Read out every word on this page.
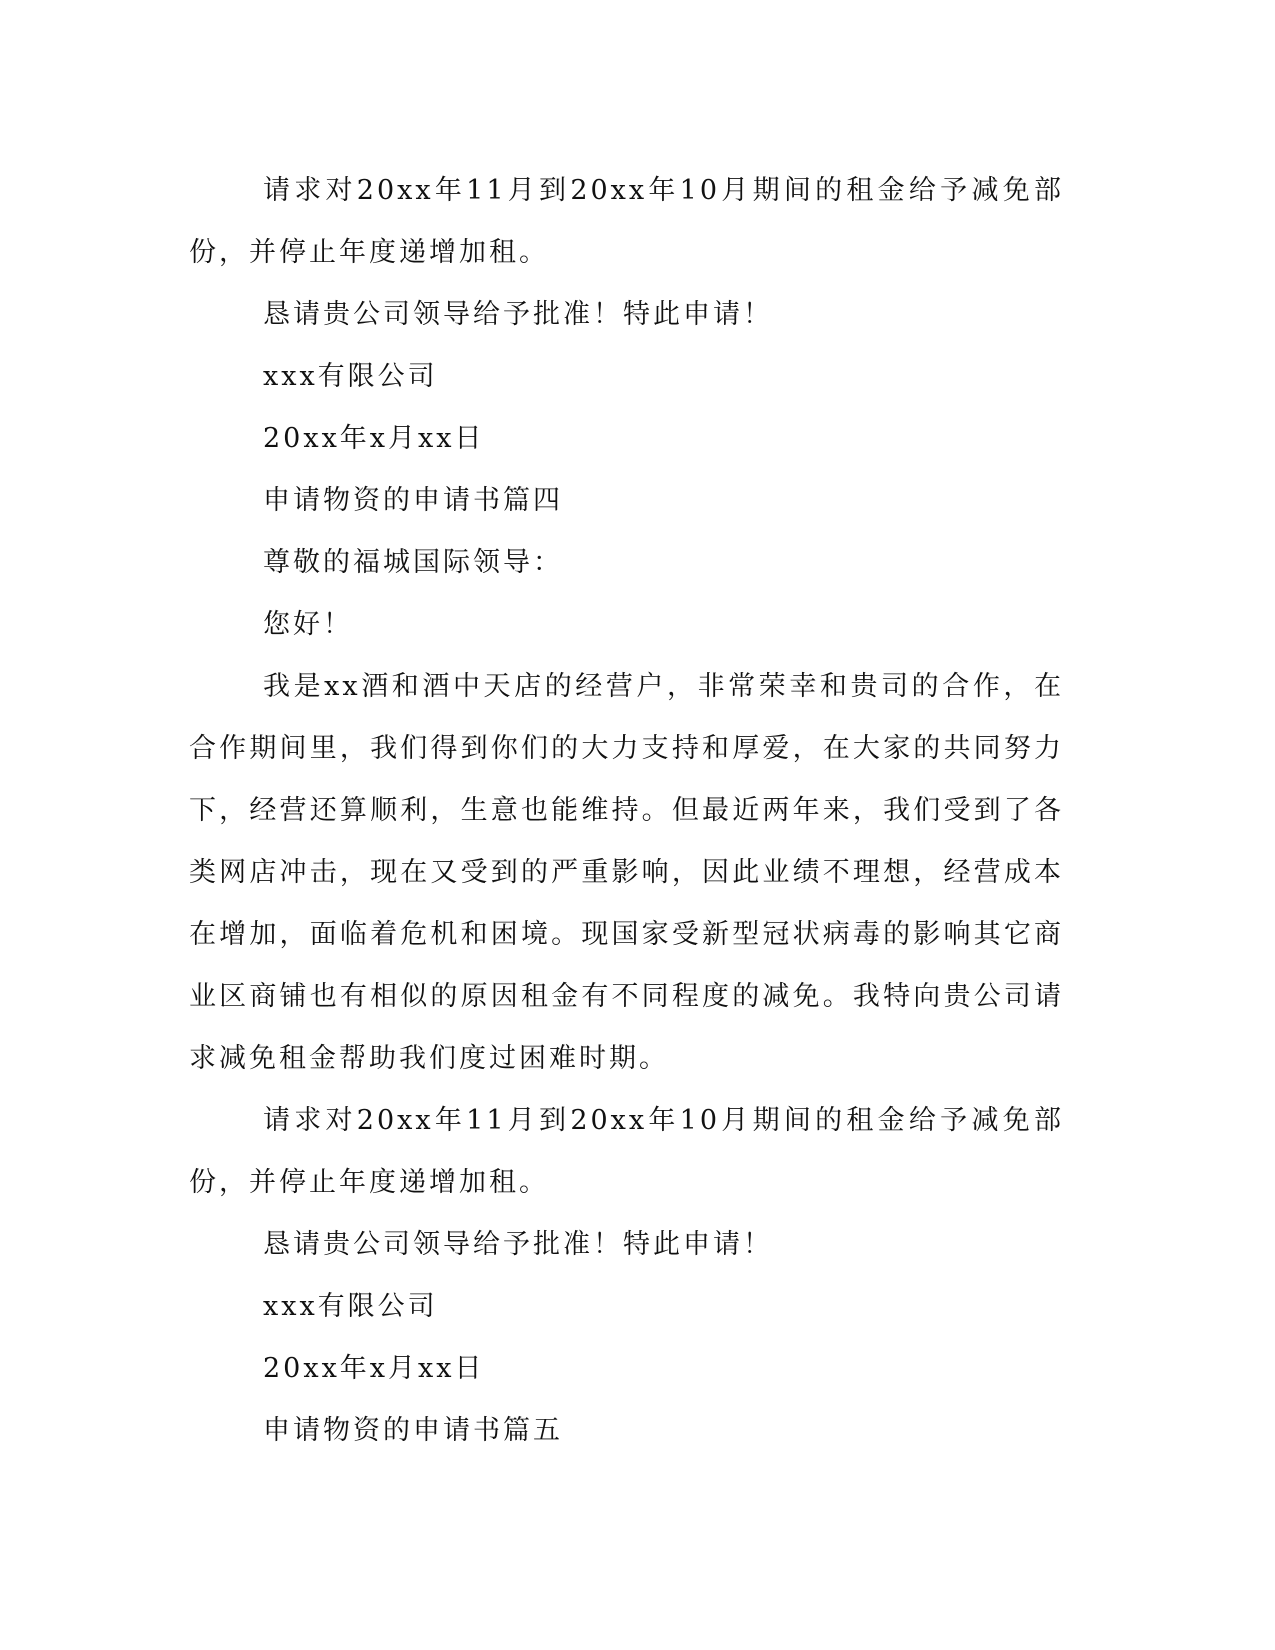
请求对20xx年11月到20xx年10月期间的租金给予减免部份，并停止年度递增加租。

恳请贵公司领导给予批准！特此申请！

xxx有限公司

20xx年x月xx日

申请物资的申请书篇四

尊敬的福城国际领导：

您好！

我是xx酒和酒中天店的经营户，非常荣幸和贵司的合作，在合作期间里，我们得到你们的大力支持和厚爱，在大家的共同努力下，经营还算顺利，生意也能维持。但最近两年来，我们受到了各类网店冲击，现在又受到的严重影响，因此业绩不理想，经营成本在增加，面临着危机和困境。现国家受新型冠状病毒的影响其它商业区商铺也有相似的原因租金有不同程度的减免。我特向贵公司请求减免租金帮助我们度过困难时期。

请求对20xx年11月到20xx年10月期间的租金给予减免部份，并停止年度递增加租。

恳请贵公司领导给予批准！特此申请！

xxx有限公司

20xx年x月xx日

申请物资的申请书篇五
